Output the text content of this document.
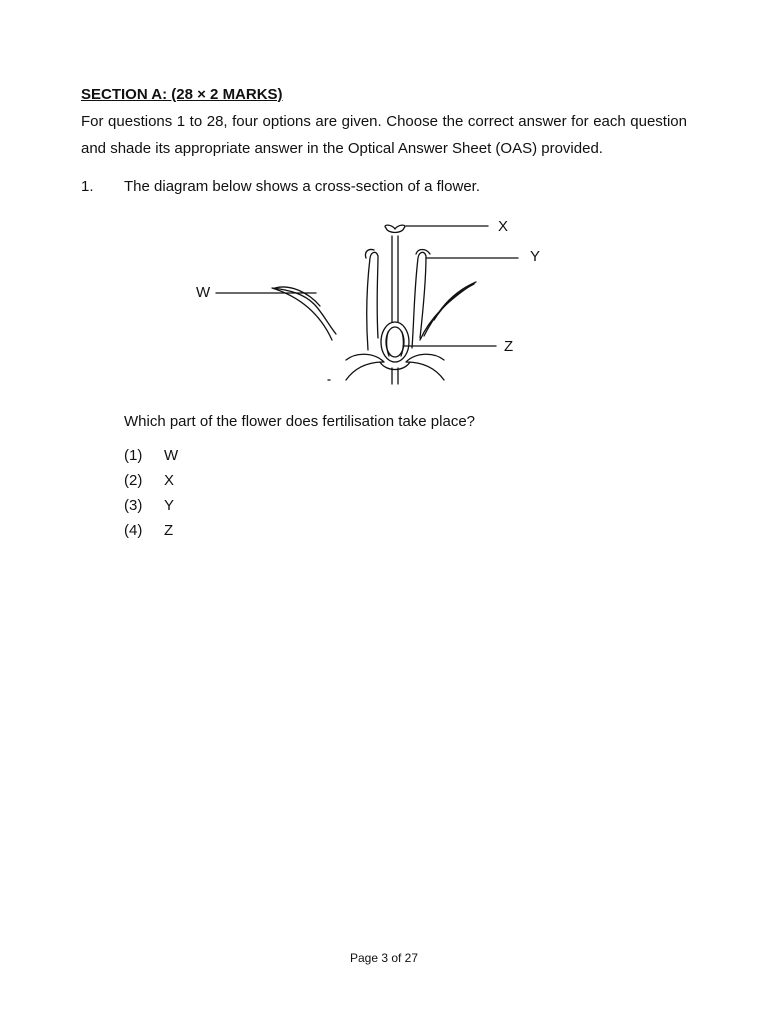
SECTION A: (28 × 2 MARKS)
For questions 1 to 28, four options are given. Choose the correct answer for each question and shade its appropriate answer in the Optical Answer Sheet (OAS) provided.
1. The diagram below shows a cross-section of a flower.
X
Y
W
Z
Which part of the flower does fertilisation take place?
(1) W
(2) X
(3) Y
(4) Z
Page 3 of 27
